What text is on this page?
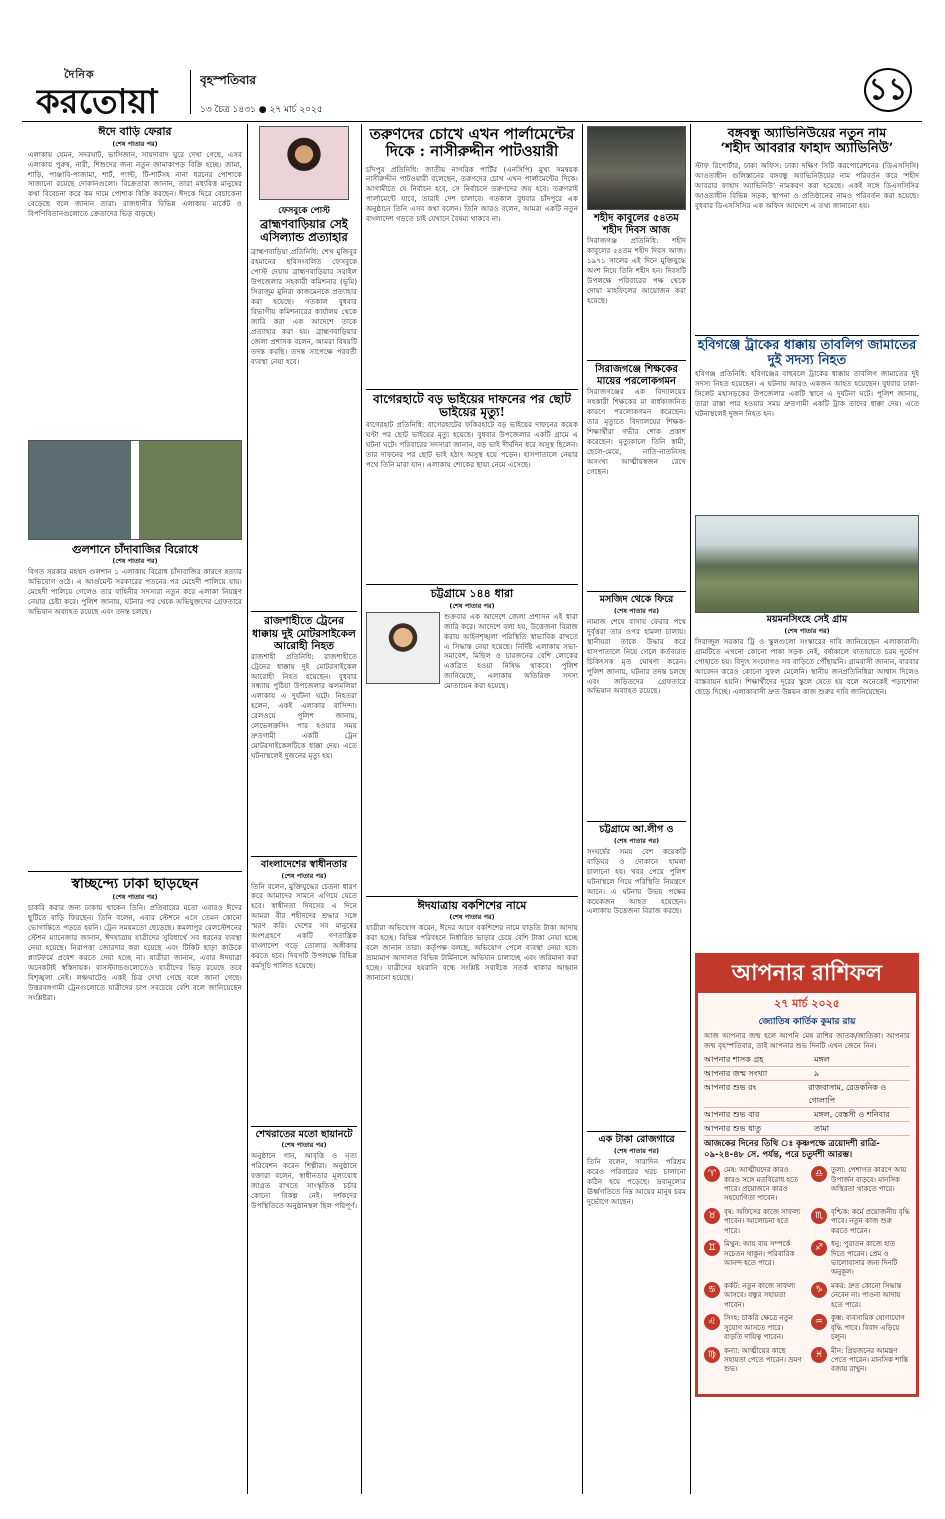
দৈনিক
করতোয়া
বৃহস্পতিবার
১৩ চৈত্র ১৪৩১ ● ২৭ মার্চ ২০২৫
১১
ঈদে বাড়ি ফেরার
(শেষ পাতার পর)
এলাকায় যেমন, সদরঘাট, ভাসিজান, সায়দাবাদ ঘুরে দেখা গেছে, এসব এলাকায় পুরুষ, নারী, শিশুদের জন্য নতুন জামাকাপড় বিক্রি হচ্ছে। জামা, শাড়ি, পাঞ্জাবি-পাজামা, শার্ট, প্যান্ট, টি-শার্টসহ নানা ধরনের পোশাকে সাজানো রয়েছে দোকানগুলো। বিক্রেতারা জানান, তারা মধ্যবিত্ত মানুষের কথা বিবেচনা করে কম দামে পোশাক বিক্রি করছেন। ঈদকে ঘিরে বেচাকেনা বেড়েছে বলে জানান তারা। রাজধানীর বিভিন্ন এলাকায় মার্কেট ও বিপণিবিতানগুলোতে ক্রেতাদের ভিড় বাড়ছে।
গুলশানে চাঁদাবাজির বিরোধে
(শেষ পাতার পর)
বিগত সরকার মহম্মদ গুলশান ১ এলাকায় বিরোধ চাঁদাবাজির কারণে হত্যার অভিযোগ ওঠে। এ আর্গুমেন্ট সরকারের পতনের পর মেহেদী পালিয়ে যায়। মেহেদী পালিয়ে গেলেও তার বাহিনীর সদস্যরা নতুন করে এলাকা নিয়ন্ত্রণ নেয়ার চেষ্টা করে। পুলিশ জানায়, ঘটনার পর থেকে অভিযুক্তদের গ্রেফতারে অভিযান অব্যাহত রয়েছে এবং তদন্ত চলছে।
স্বাচ্ছন্দ্যে ঢাকা ছাড়ছেন
(শেষ পাতার পর)
চাকরি করার জন্য ঢাকায় থাকেন তিনি। প্রতিবারের মতো এবারও ঈদের ছুটিতে বাড়ি ফিরছেন। তিনি বলেন, এবার স্টেশনে এসে তেমন কোনো ভোগান্তিতে পড়তে হয়নি। ট্রেন সময়মতো ছেড়েছে। কমলাপুর রেলস্টেশনের স্টেশন ম্যানেজার জানান, ঈদযাত্রায় যাত্রীদের সুবিধার্থে সব ধরনের ব্যবস্থা নেয়া হয়েছে। নিরাপত্তা জোরদার করা হয়েছে এবং টিকিট ছাড়া কাউকে প্ল্যাটফর্মে প্রবেশ করতে দেয়া হচ্ছে না। যাত্রীরা জানান, এবার ঈদযাত্রা অনেকটাই স্বস্তিদায়ক। বাসস্ট্যান্ডগুলোতেও যাত্রীদের ভিড় রয়েছে তবে বিশৃঙ্খলা নেই। লঞ্চঘাটেও একই চিত্র দেখা গেছে বলে জানা গেছে। উত্তরবঙ্গগামী ট্রেনগুলোতে যাত্রীদের চাপ সবচেয়ে বেশি বলে জানিয়েছেন সংশ্লিষ্টরা।
ফেসবুকে পোস্ট
ব্রাহ্মণবাড়িয়ার সেই এসিল্যান্ড প্রত্যাহার
ব্রাহ্মণবাড়িয়া প্রতিনিধি: শেখ মুজিবুর রহমানের ছবিসংবলিত ফেসবুকে পোস্ট দেয়ায় ব্রাহ্মণবাড়িয়ার সরাইল উপজেলার সহকারী কমিশনার (ভূমি) সিরাজুম মুনিরা কাজমেনকে প্রত্যাহার করা হয়েছে। গতকাল বুধবার বিভাগীয় কমিশনারের কার্যালয় থেকে জারি করা এক আদেশে তাকে প্রত্যাহার করা হয়। ব্রাহ্মণবাড়িয়ার জেলা প্রশাসক বলেন, আমরা বিষয়টি তদন্ত করছি। তদন্ত সাপেক্ষে পরবর্তী ব্যবস্থা নেয়া হবে।
রাজশাহীতে ট্রেনের ধাক্কায় দুই মোটরসাইকেল আরোহী নিহত
রাজশাহী প্রতিনিধি: রাজশাহীতে ট্রেনের ধাক্কায় দুই মোটরসাইকেল আরোহী নিহত হয়েছেন। বুধবার সন্ধ্যায় পুঠিয়া উপজেলার ঝলমলিয়া এলাকায় এ দুর্ঘটনা ঘটে। নিহতরা হলেন, একই এলাকার বাসিন্দা। রেলওয়ে পুলিশ জানায়, লেভেলক্রসিং পার হওয়ার সময় দ্রুতগামী একটি ট্রেন মোটরসাইকেলটিকে ধাক্কা দেয়। এতে ঘটনাস্থলেই দুজনের মৃত্যু হয়।
বাংলাদেশের স্বাধীনতার
(শেষ পাতার পর)
তিনি বলেন, মুক্তিযুদ্ধের চেতনা ধারণ করে আমাদের সামনে এগিয়ে যেতে হবে। স্বাধীনতা দিবসের এ দিনে আমরা বীর শহীদদের শ্রদ্ধার সঙ্গে স্মরণ করি। দেশের সব মানুষের অংশগ্রহণে একটি গণতান্ত্রিক বাংলাদেশ গড়ে তোলার অঙ্গীকার করতে হবে। দিবসটি উপলক্ষে বিভিন্ন কর্মসূচি পালিত হয়েছে।
শেখরাতের মতো ছায়ানটে
(শেষ পাতার পর)
অনুষ্ঠানে গান, আবৃত্তি ও নৃত্য পরিবেশন করেন শিল্পীরা। অনুষ্ঠানে বক্তারা বলেন, স্বাধীনতার মূল্যবোধ জাগ্রত রাখতে সাংস্কৃতিক চর্চার কোনো বিকল্প নেই। দর্শকদের উপস্থিতিতে অনুষ্ঠানস্থল ছিল পরিপূর্ণ।
তরুণদের চোখে এখন পার্লামেন্টের দিকে : নাসীরুদ্দীন পাটওয়ারী
চাঁদপুর প্রতিনিধি: জাতীয় নাগরিক পার্টির (এনসিপি) মুখ্য সমন্বয়ক নাসীরুদ্দীন পাটওয়ারী বলেছেন, তরুণদের চোখ এখন পার্লামেন্টের দিকে। আগামীতে যে নির্বাচন হবে, সে নির্বাচনে তরুণদের জয় হবে। তরুণরাই পার্লামেন্টে যাবে, তারাই দেশ চালাবে। গতকাল বুধবার চাঁদপুরে এক অনুষ্ঠানে তিনি এসব কথা বলেন। তিনি আরও বলেন, আমরা একটি নতুন বাংলাদেশ গড়তে চাই যেখানে বৈষম্য থাকবে না।
বাগেরহাটে বড় ভাইয়ের দাফনের পর ছোট ভাইয়ের মৃত্যু!
বাগেরহাট প্রতিনিধি: বাগেরহাটের ফকিরহাটে বড় ভাইয়ের দাফনের কয়েক ঘণ্টা পর ছোট ভাইয়ের মৃত্যু হয়েছে। বুধবার উপজেলার একটি গ্রামে এ ঘটনা ঘটে। পরিবারের সদস্যরা জানান, বড় ভাই দীর্ঘদিন ধরে অসুস্থ ছিলেন। তার দাফনের পর ছোট ভাই হঠাৎ অসুস্থ হয়ে পড়েন। হাসপাতালে নেয়ার পথে তিনি মারা যান। এলাকায় শোকের ছায়া নেমে এসেছে।
চট্টগ্রামে ১৪৪ ধারা
(শেষ পাতার পর)
শুক্রবার এক আদেশে জেলা প্রশাসন এই ধারা জারি করে। আদেশে বলা হয়, উত্তেজনা বিরাজ করায় আইনশৃঙ্খলা পরিস্থিতি স্বাভাবিক রাখতে এ সিদ্ধান্ত নেয়া হয়েছে। নির্দিষ্ট এলাকায় সভা-সমাবেশ, মিছিল ও চারজনের বেশি লোকের একত্রিত হওয়া নিষিদ্ধ থাকবে। পুলিশ জানিয়েছে, এলাকায় অতিরিক্ত সদস্য মোতায়েন করা হয়েছে।
ঈদযাত্রায় বকশিশের নামে
(শেষ পাতার পর)
যাত্রীরা অভিযোগ করেন, ঈদের আগে বকশিশের নামে বাড়তি টাকা আদায় করা হচ্ছে। বিভিন্ন পরিবহনে নির্ধারিত ভাড়ার চেয়ে বেশি টাকা নেয়া হচ্ছে বলে জানান তারা। কর্তৃপক্ষ বলছে, অভিযোগ পেলে ব্যবস্থা নেয়া হবে। ভ্রাম্যমাণ আদালত বিভিন্ন টার্মিনালে অভিযান চালাচ্ছে এবং জরিমানা করা হচ্ছে। যাত্রীদের হয়রানি বন্ধে সংশ্লিষ্ট সবাইকে সতর্ক থাকার আহ্বান জানানো হয়েছে।
শহীদ কাবুলের ৫৪তম
শহীদ দিবস আজ
সিরাজগঞ্জ প্রতিনিধি: শহীদ কাবুলের ৫৪তম শহীদ দিবস আজ। ১৯৭১ সালের এই দিনে মুক্তিযুদ্ধে অংশ নিয়ে তিনি শহীদ হন। দিবসটি উপলক্ষে পরিবারের পক্ষ থেকে দোয়া মাহফিলের আয়োজন করা হয়েছে।
সিরাজগঞ্জে শিক্ষকের মায়ের পরলোকগমন
সিরাজগঞ্জের এক বিদ্যালয়ের সহকারী শিক্ষকের মা বার্ধক্যজনিত কারণে পরলোকগমন করেছেন। তার মৃত্যুতে বিদ্যালয়ের শিক্ষক-শিক্ষার্থীরা গভীর শোক প্রকাশ করেছেন। মৃত্যুকালে তিনি স্বামী, ছেলে-মেয়ে, নাতি-নাতনিসহ অসংখ্য আত্মীয়স্বজন রেখে গেছেন।
মসজিদ থেকে ফিরে
(শেষ পাতার পর)
নামাজ শেষে বাসায় ফেরার পথে দুর্বৃত্তরা তার ওপর হামলা চালায়। স্থানীয়রা তাকে উদ্ধার করে হাসপাতালে নিয়ে গেলে কর্তব্যরত চিকিৎসক মৃত ঘোষণা করেন। পুলিশ জানায়, ঘটনার তদন্ত চলছে এবং জড়িতদের গ্রেফতারে অভিযান অব্যাহত রয়েছে।
চট্টগ্রামে আ.লীগ ও
(শেষ পাতার পর)
সংঘর্ষের সময় বেশ কয়েকটি বাড়িঘর ও দোকানে হামলা চালানো হয়। খবর পেয়ে পুলিশ ঘটনাস্থলে গিয়ে পরিস্থিতি নিয়ন্ত্রণে আনে। এ ঘটনায় উভয় পক্ষের কয়েকজন আহত হয়েছেন। এলাকায় উত্তেজনা বিরাজ করছে।
এক টাকা রোজগারে
(শেষ পাতার পর)
তিনি বলেন, সারাদিন পরিশ্রম করেও পরিবারের খরচ চালানো কঠিন হয়ে পড়েছে। দ্রব্যমূল্যের ঊর্ধ্বগতিতে নিম্ন আয়ের মানুষ চরম দুর্ভোগে আছেন।
বঙ্গবন্ধু অ্যাভিনিউয়ের নতুন নাম
‘শহীদ আবরার ফাহাদ অ্যাভিনিউ’
স্টাফ রিপোর্টার, ঢাকা অফিস: ঢাকা দক্ষিণ সিটি করপোরেশনের (ডিএসসিসি) আওতাধীন গুলিস্তানের বঙ্গবন্ধু অ্যাভিনিউয়ের নাম পরিবর্তন করে ‘শহীদ আবরার ফাহাদ অ্যাভিনিউ’ নামকরণ করা হয়েছে। একই সঙ্গে ডিএসসিসির আওতাধীন বিভিন্ন সড়ক, স্থাপনা ও প্রতিষ্ঠানের নামও পরিবর্তন করা হয়েছে। বুধবার ডিএসসিসির এক অফিস আদেশে এ তথ্য জানানো হয়।
হবিগঞ্জে ট্রাকের ধাক্কায় তাবলিগ জামাতের দুই সদস্য নিহত
হবিগঞ্জ প্রতিনিধি: হবিগঞ্জের বাহুবলে ট্রাকের ধাক্কায় তাবলিগ জামাতের দুই সদস্য নিহত হয়েছেন। এ ঘটনায় আরও একজন আহত হয়েছেন। বুধবার ঢাকা-সিলেট মহাসড়কের উপজেলার একটি স্থানে এ দুর্ঘটনা ঘটে। পুলিশ জানায়, তারা রাস্তা পার হওয়ার সময় দ্রুতগামী একটি ট্রাক তাদের ধাক্কা দেয়। এতে ঘটনাস্থলেই দুজন নিহত হন।
ময়মনসিংহে সেই গ্রাম
(শেষ পাতার পর)
সিরাজুল সরকার ট্রি ও স্কুলগুলো সংস্কারের দাবি জানিয়েছেন এলাকাবাসী। গ্রামটিতে এখনো কোনো পাকা সড়ক নেই, বর্ষাকালে যাতায়াতে চরম দুর্ভোগ পোহাতে হয়। বিদ্যুৎ সংযোগও সব বাড়িতে পৌঁছায়নি। গ্রামবাসী জানান, বারবার আবেদন করেও কোনো সুফল মেলেনি। স্থানীয় জনপ্রতিনিধিরা আশ্বাস দিলেও বাস্তবায়ন হয়নি। শিক্ষার্থীদের দূরের স্কুলে যেতে হয় বলে অনেকেই পড়াশোনা ছেড়ে দিচ্ছে। এলাকাবাসী দ্রুত উন্নয়ন কাজ শুরুর দাবি জানিয়েছেন।
আপনার রাশিফল
২৭ মার্চ ২০২৫
জ্যোতিষ কার্তিক কুমার রায়
আজ আপনার জন্ম হলে আপনি মেষ রাশির জাতক/জাতিকা। আপনার জন্ম বৃহস্পতিবার, তাই আপনার শুভ দিনটি এখন জেনে নিন।
আপনার শাসক গ্রহ	মঙ্গল
আপনার জন্ম সংখ্যা	৯
আপনার শুভ রং	রাজবাসাম, রেডকনিক ও গোলাপি
আপনার শুভ বার	মঙ্গল, বেস্তসী ও শনিবার
আপনার শুভ ধাতু	তামা
আজকের দিনের তিথি ঃ কৃষ্ণপক্ষে ত্রয়োদশী রাত্রি- ০৯-২৪-৪৮ সে. পর্যন্ত, পরে চতুর্দশী আরম্ভ।
♈	মেষ: আত্মীয়দের কারও কারও সঙ্গে মতবিরোধ হতে পারে। প্রয়োজনে কারও সহযোগিতা পাবেন।
♎	তুলা: পেশাগত কারণে আয় উপার্জন বাড়বে। মানসিক অস্থিরতা থাকতে পারে।
♉	বৃষ: অফিসের কাজে সাফল্য পাবেন। আলোচনা হতে পারে।
♏	বৃশ্চিক: কর্মে প্রয়োজনীয় বৃদ্ধি পাবে। নতুন কাজ শুরু করতে পারেন।
♊	মিথুন: আয় ব্যয় সম্পর্কে সচেতন থাকুন। পরিবারিক আনন্দ হতে পারে।
♐	ধনু: পুরাতন কাজে হাত দিতে পারেন। প্রেম ও ভালোবাসার জন্য দিনটি অনুকূল।
♋	কর্কট: নতুন কাজে সাফল্য আসবে। বন্ধুর সহায়তা পাবেন।
♑	মকর: দ্রুত কোনো সিদ্ধান্ত নেবেন না। পাওনা আদায় হতে পারে।
♌	সিংহ: চাকরি ক্ষেত্রে নতুন সুযোগ আসতে পারে। বাড়তি দায়িত্ব পাবেন।
♒	কুম্ভ: ব্যবসায়িক যোগাযোগ বৃদ্ধি পাবে। বিবাদ এড়িয়ে চলুন।
♍	কন্যা: আত্মীয়ের কাছে সহায়তা পেতে পারেন। ভ্রমণ শুভ।
♓	মীন: প্রিয়জনের আমন্ত্রণ পেতে পারেন। মানসিক শান্তি বজায় রাখুন।
